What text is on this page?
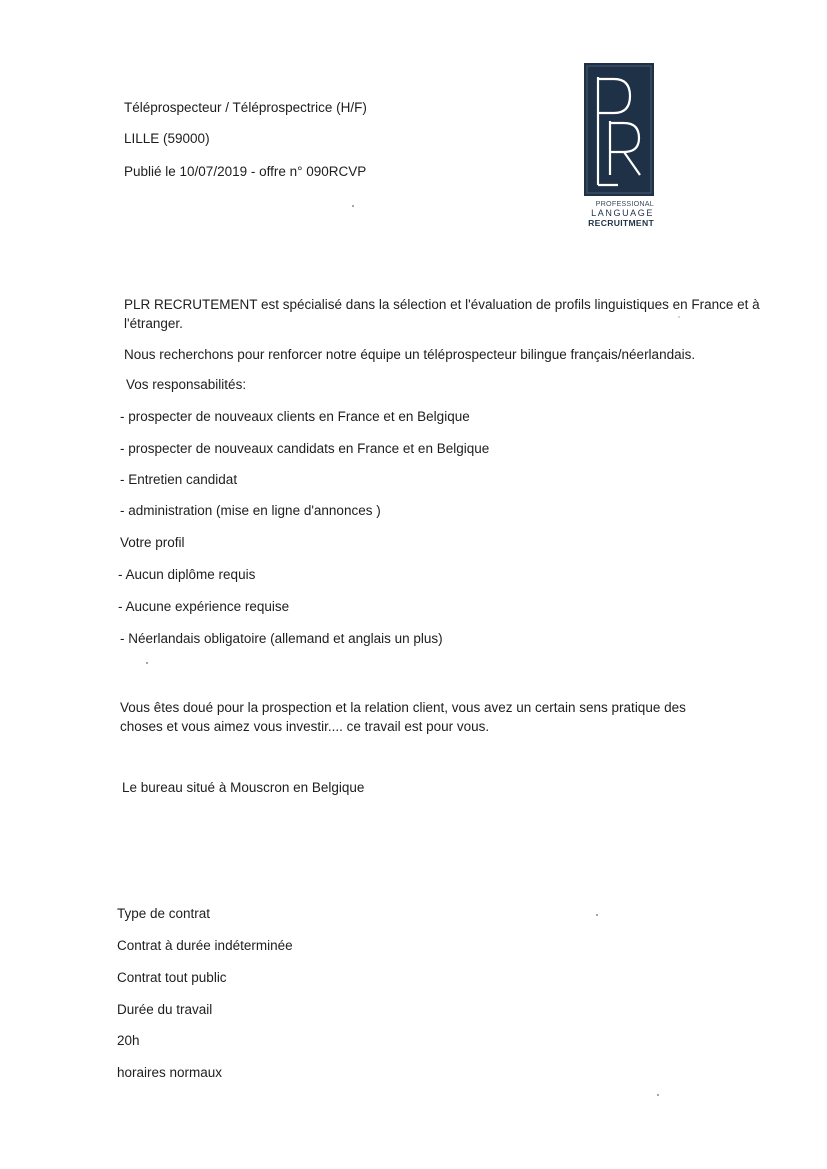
Téléprospecteur / Téléprospectrice (H/F)
LILLE (59000)
Publié le 10/07/2019 - offre n° 090RCVP
PROFESSIONAL
LANGUAGE
RECRUITMENT
PLR RECRUTEMENT est spécialisé dans la sélection et l'évaluation de profils linguistiques en France et à l'étranger.
Nous recherchons pour renforcer notre équipe un téléprospecteur bilingue français/néerlandais.
Vos responsabilités:
- prospecter de nouveaux clients en France et en Belgique
- prospecter de nouveaux candidats en France et en Belgique
- Entretien candidat
- administration (mise en ligne d'annonces )
Votre profil
- Aucun diplôme requis
- Aucune expérience requise
- Néerlandais obligatoire (allemand et anglais un plus)
Vous êtes doué pour la prospection et la relation client, vous avez un certain sens pratique des choses et vous aimez vous investir.... ce travail est pour vous.
Le bureau situé à Mouscron en Belgique
Type de contrat
Contrat à durée indéterminée
Contrat tout public
Durée du travail
20h
horaires normaux
